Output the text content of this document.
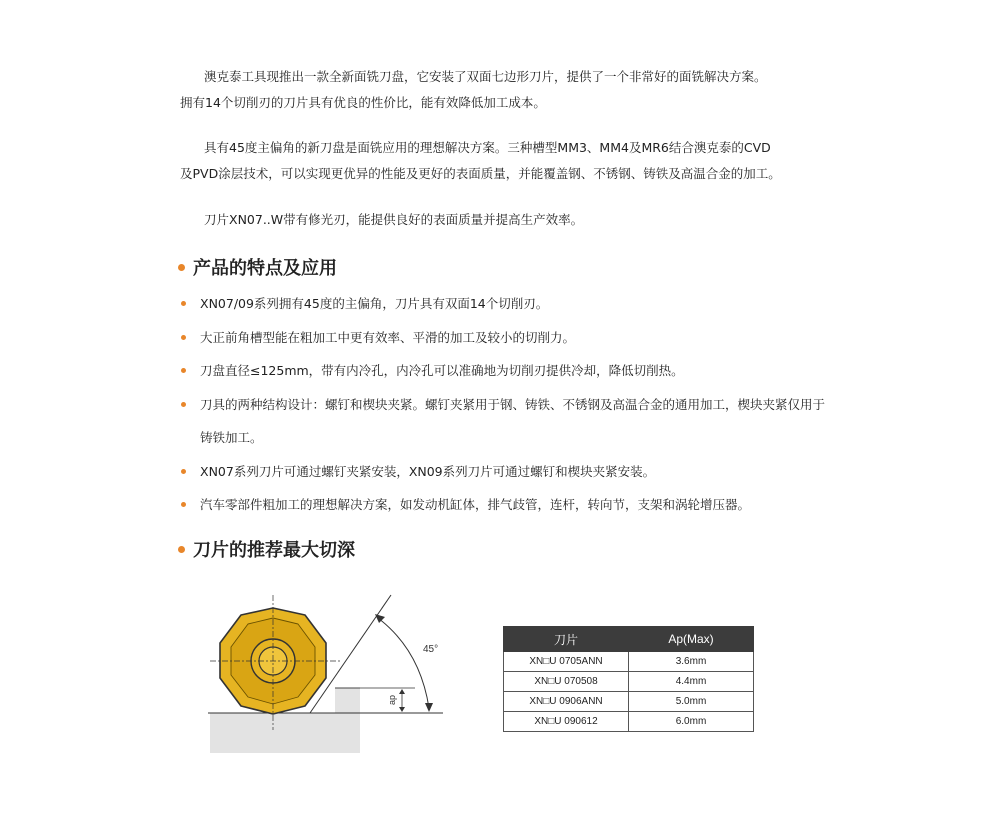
澳克泰工具现推出一款全新面铣刀盘，它安装了双面七边形刀片，提供了一个非常好的面铣解决方案。
拥有14个切削刃的刀片具有优良的性价比，能有效降低加工成本。

具有45度主偏角的新刀盘是面铣应用的理想解决方案。三种槽型MM3、MM4及MR6结合澳克泰的CVD
及PVD涂层技术，可以实现更优异的性能及更好的表面质量，并能覆盖钢、不锈钢、铸铁及高温合金的加工。

刀片XN07..W带有修光刃，能提供良好的表面质量并提高生产效率。

产品的特点及应用
XN07/09系列拥有45度的主偏角，刀片具有双面14个切削刃。
大正前角槽型能在粗加工中更有效率、平滑的加工及较小的切削力。
刀盘直径≤125mm，带有内冷孔，内冷孔可以准确地为切削刃提供冷却，降低切削热。
刀具的两种结构设计：螺钉和楔块夹紧。螺钉夹紧用于钢、铸铁、不锈钢及高温合金的通用加工，楔块夹紧仅用于铸铁加工。
XN07系列刀片可通过螺钉夹紧安装，XN09系列刀片可通过螺钉和楔块夹紧安装。
汽车零部件粗加工的理想解决方案，如发动机缸体，排气歧管，连杆，转向节，支架和涡轮增压器。
刀片的推荐最大切深
45°
ap
刀片	Ap(Max)
XN□U 0705ANN	3.6mm
XN□U 070508	4.4mm
XN□U 0906ANN	5.0mm
XN□U 090612	6.0mm
